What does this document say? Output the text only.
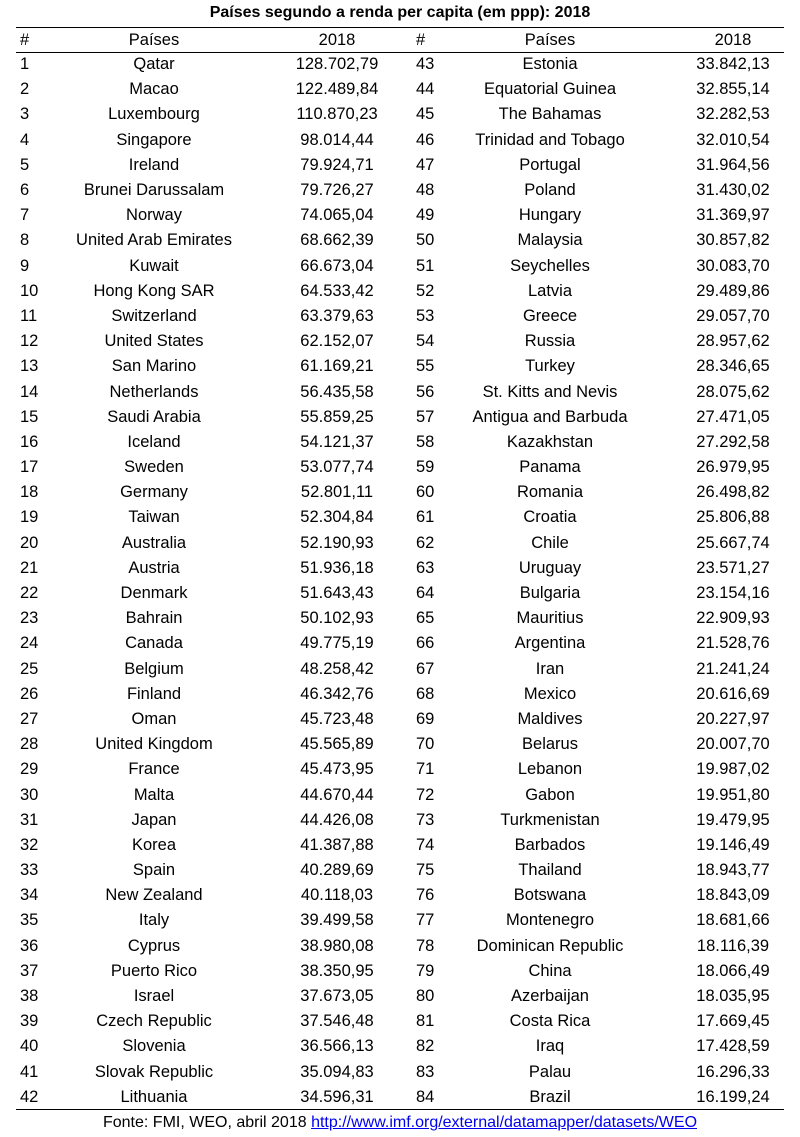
Países segundo a renda per capita (em ppp): 2018
#	Países	2018	#	Países	2018
1	Qatar	128.702,79	43	Estonia	33.842,13
2	Macao	122.489,84	44	Equatorial Guinea	32.855,14
3	Luxembourg	110.870,23	45	The Bahamas	32.282,53
4	Singapore	98.014,44	46	Trinidad and Tobago	32.010,54
5	Ireland	79.924,71	47	Portugal	31.964,56
6	Brunei Darussalam	79.726,27	48	Poland	31.430,02
7	Norway	74.065,04	49	Hungary	31.369,97
8	United Arab Emirates	68.662,39	50	Malaysia	30.857,82
9	Kuwait	66.673,04	51	Seychelles	30.083,70
10	Hong Kong SAR	64.533,42	52	Latvia	29.489,86
11	Switzerland	63.379,63	53	Greece	29.057,70
12	United States	62.152,07	54	Russia	28.957,62
13	San Marino	61.169,21	55	Turkey	28.346,65
14	Netherlands	56.435,58	56	St. Kitts and Nevis	28.075,62
15	Saudi Arabia	55.859,25	57	Antigua and Barbuda	27.471,05
16	Iceland	54.121,37	58	Kazakhstan	27.292,58
17	Sweden	53.077,74	59	Panama	26.979,95
18	Germany	52.801,11	60	Romania	26.498,82
19	Taiwan	52.304,84	61	Croatia	25.806,88
20	Australia	52.190,93	62	Chile	25.667,74
21	Austria	51.936,18	63	Uruguay	23.571,27
22	Denmark	51.643,43	64	Bulgaria	23.154,16
23	Bahrain	50.102,93	65	Mauritius	22.909,93
24	Canada	49.775,19	66	Argentina	21.528,76
25	Belgium	48.258,42	67	Iran	21.241,24
26	Finland	46.342,76	68	Mexico	20.616,69
27	Oman	45.723,48	69	Maldives	20.227,97
28	United Kingdom	45.565,89	70	Belarus	20.007,70
29	France	45.473,95	71	Lebanon	19.987,02
30	Malta	44.670,44	72	Gabon	19.951,80
31	Japan	44.426,08	73	Turkmenistan	19.479,95
32	Korea	41.387,88	74	Barbados	19.146,49
33	Spain	40.289,69	75	Thailand	18.943,77
34	New Zealand	40.118,03	76	Botswana	18.843,09
35	Italy	39.499,58	77	Montenegro	18.681,66
36	Cyprus	38.980,08	78	Dominican Republic	18.116,39
37	Puerto Rico	38.350,95	79	China	18.066,49
38	Israel	37.673,05	80	Azerbaijan	18.035,95
39	Czech Republic	37.546,48	81	Costa Rica	17.669,45
40	Slovenia	36.566,13	82	Iraq	17.428,59
41	Slovak Republic	35.094,83	83	Palau	16.296,33
42	Lithuania	34.596,31	84	Brazil	16.199,24
Fonte: FMI, WEO, abril 2018 http://www.imf.org/external/datamapper/datasets/WEO
